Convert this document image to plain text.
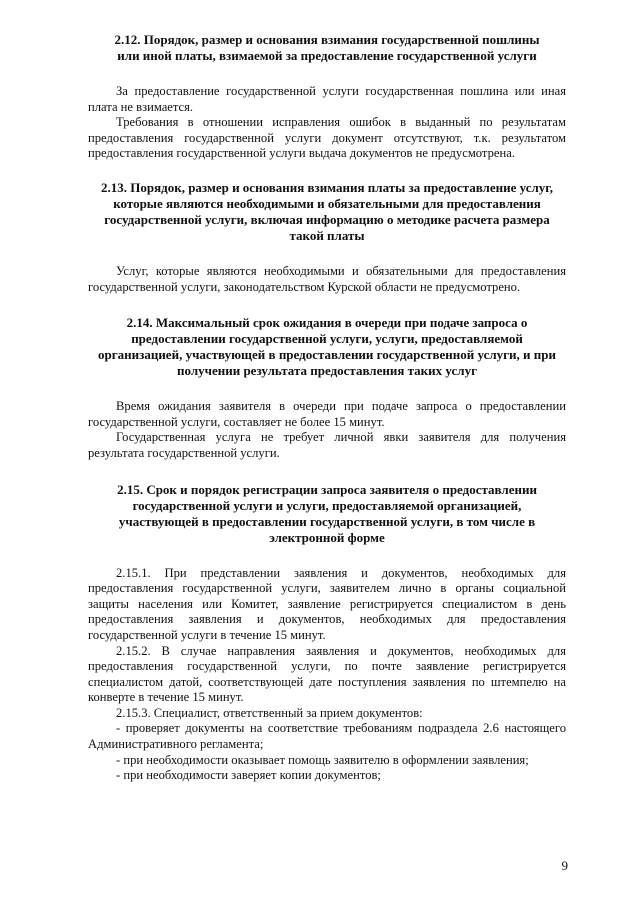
2.12. Порядок, размер и основания взимания государственной пошлины или иной платы, взимаемой за предоставление государственной услуги

За предоставление государственной услуги государственная пошлина или иная плата не взимается.

Требования в отношении исправления ошибок в выданный по результатам предоставления государственной услуги документ отсутствуют, т.к. результатом предоставления государственной услуги выдача документов не предусмотрена.

2.13. Порядок, размер и основания взимания платы за предоставление услуг, которые являются необходимыми и обязательными для предоставления государственной услуги, включая информацию о методике расчета размера такой платы

Услуг, которые являются необходимыми и обязательными для предоставления государственной услуги, законодательством Курской области не предусмотрено.

2.14. Максимальный срок ожидания в очереди при подаче запроса о предоставлении государственной услуги, услуги, предоставляемой организацией, участвующей в предоставлении государственной услуги, и при получении результата предоставления таких услуг

Время ожидания заявителя в очереди при подаче запроса о предоставлении государственной услуги, составляет не более 15 минут.

Государственная услуга не требует личной явки заявителя для получения результата государственной услуги.

2.15. Срок и порядок регистрации запроса заявителя о предоставлении государственной услуги и услуги, предоставляемой организацией, участвующей в предоставлении государственной услуги, в том числе в электронной форме

2.15.1. При представлении заявления и документов, необходимых для предоставления государственной услуги, заявителем лично в органы социальной защиты населения или Комитет, заявление регистрируется специалистом в день предоставления заявления и документов, необходимых для предоставления государственной услуги в течение 15 минут.

2.15.2. В случае направления заявления и документов, необходимых для предоставления государственной услуги, по почте заявление регистрируется специалистом датой, соответствующей дате поступления заявления по штемпелю на конверте в течение 15 минут.

2.15.3. Специалист, ответственный за прием документов:

- проверяет документы на соответствие требованиям подраздела 2.6 настоящего Административного регламента;

- при необходимости оказывает помощь заявителю в оформлении заявления;

- при необходимости заверяет копии документов;

9
